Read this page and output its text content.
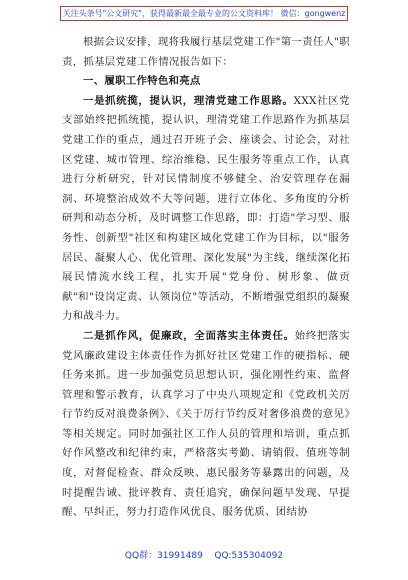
关注头条号"公文研究"，获得最新最全最专业的公文资料库！ 微信：gongwenz

根据会议安排，现将我履行基层党建工作"第一责任人"职责，抓基层党建工作情况报告如下：

一、履职工作特色和亮点

一是抓统揽，提认识，理清党建工作思路。XXX社区党支部始终把抓统揽，提认识，理清党建工作思路作为抓基层党建工作的重点，通过召开班子会、座谈会、讨论会，对社区党建、城市管理、综治维稳、民生服务等重点工作，认真进行分析研究，针对民情制度不够健全、治安管理存在漏洞、环境整治成效不大等问题，进行立体化、多角度的分析研判和动态分析，及时调整工作思路，即：打造"学习型、服务性、创新型"社区和构建区域化党建工作为目标，以"服务居民、凝聚人心、优化管理、深化发展"为主线，继续深化拓展民情流水线工程，扎实开展"党身份、树形象、做贡献"和"设岗定责、认领岗位"等活动，不断增强党组织的凝聚力和战斗力。

二是抓作风，促廉政，全面落实主体责任。始终把落实党风廉政建设主体责任作为抓好社区党建工作的硬指标、硬任务来抓。进一步加强党员思想认识，强化刚性约束、监督管理和警示教育，认真学习了中央八项规定和《党政机关厉行节约反对浪费条例》、《关于厉行节约反对奢侈浪费的意见》等相关规定。同时加强社区工作人员的管理和培训，重点抓好作风整改和纪律约束，严格落实考勤、请销假、值班等制度，对督促检查、群众反映、惠民服务等暴露出的问题，及时提醒告诫、批评教育、责任追究，确保问题早发现、早提醒、早纠正，努力打造作风优良、服务优质、团结协

QQ群：31991489 QQ:535304092
